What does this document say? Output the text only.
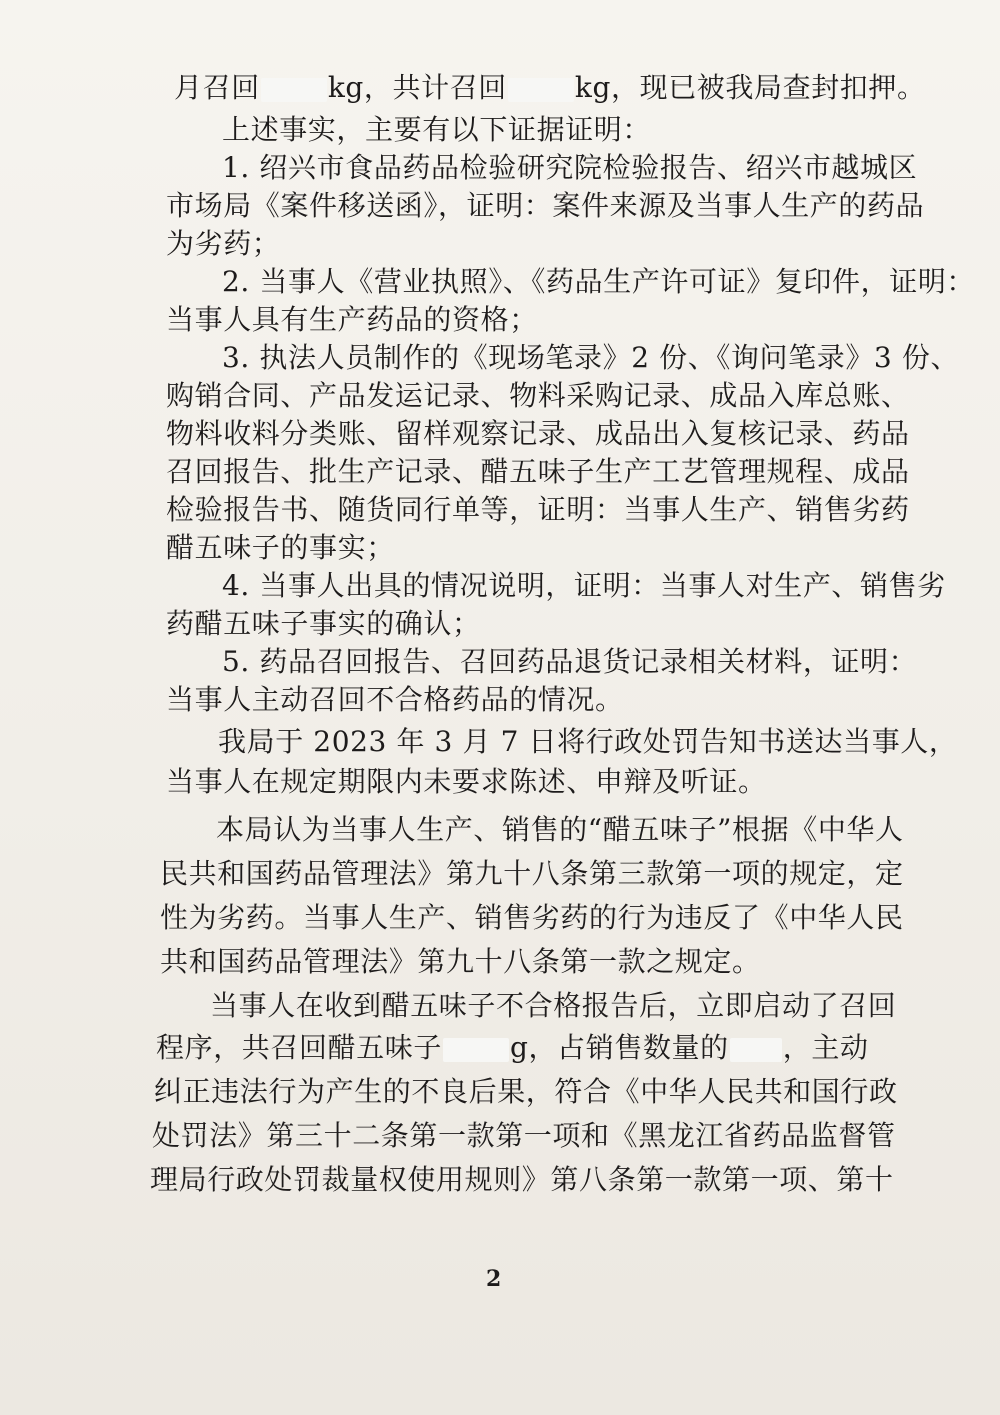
月召回 kg，共计召回 kg，现已被我局查封扣押。
上述事实，主要有以下证据证明：
1. 绍兴市食品药品检验研究院检验报告、绍兴市越城区
市场局《案件移送函》，证明：案件来源及当事人生产的药品
为劣药；
2. 当事人《营业执照》、《药品生产许可证》复印件，证明：
当事人具有生产药品的资格；
3. 执法人员制作的《现场笔录》2 份、《询问笔录》3 份、
购销合同、产品发运记录、物料采购记录、成品入库总账、
物料收料分类账、留样观察记录、成品出入复核记录、药品
召回报告、批生产记录、醋五味子生产工艺管理规程、成品
检验报告书、随货同行单等，证明：当事人生产、销售劣药
醋五味子的事实；
4. 当事人出具的情况说明，证明：当事人对生产、销售劣
药醋五味子事实的确认；
5. 药品召回报告、召回药品退货记录相关材料，证明：
当事人主动召回不合格药品的情况。
我局于 2023 年 3 月 7 日将行政处罚告知书送达当事人，
当事人在规定期限内未要求陈述、申辩及听证。
本局认为当事人生产、销售的“醋五味子”根据《中华人
民共和国药品管理法》第九十八条第三款第一项的规定，定
性为劣药。当事人生产、销售劣药的行为违反了《中华人民
共和国药品管理法》第九十八条第一款之规定。
当事人在收到醋五味子不合格报告后，立即启动了召回
程序，共召回醋五味子 g，占销售数量的 ，主动
纠正违法行为产生的不良后果，符合《中华人民共和国行政
处罚法》第三十二条第一款第一项和《黑龙江省药品监督管
理局行政处罚裁量权使用规则》第八条第一款第一项、第十
2
